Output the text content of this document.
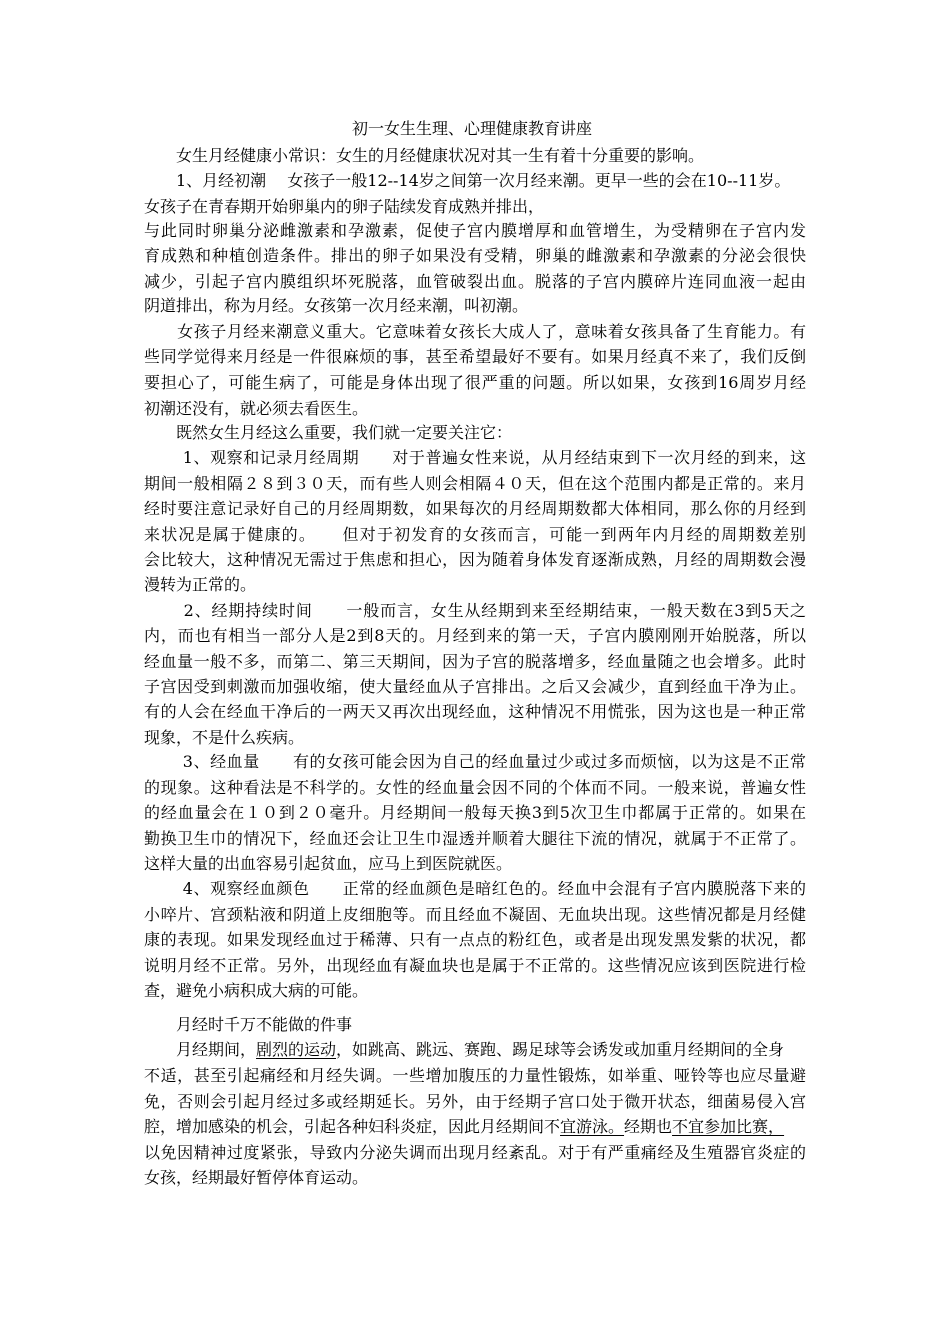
初一女生生理、心理健康教育讲座
　　女生月经健康小常识：女生的月经健康状况对其一生有着十分重要的影响。
　　1、月经初潮　 女孩子一般12--14岁之间第一次月经来潮。更早一些的会在10--11岁。
女孩子在青春期开始卵巢内的卵子陆续发育成熟并排出，
与此同时卵巢分泌雌激素和孕激素，促使子宫内膜增厚和血管增生，为受精卵在子宫内发
育成熟和种植创造条件。排出的卵子如果没有受精，卵巢的雌激素和孕激素的分泌会很快
减少，引起子宫内膜组织坏死脱落，血管破裂出血。脱落的子宫内膜碎片连同血液一起由
阴道排出，称为月经。女孩第一次月经来潮，叫初潮。
　　女孩子月经来潮意义重大。它意味着女孩长大成人了，意味着女孩具备了生育能力。有
些同学觉得来月经是一件很麻烦的事，甚至希望最好不要有。如果月经真不来了，我们反倒
要担心了，可能生病了，可能是身体出现了很严重的问题。所以如果，女孩到16周岁月经
初潮还没有，就必须去看医生。
　　既然女生月经这么重要，我们就一定要关注它：
　　 1、观察和记录月经周期　　对于普遍女性来说，从月经结束到下一次月经的到来，这
期间一般相隔２８到３０天，而有些人则会相隔４０天，但在这个范围内都是正常的。来月
经时要注意记录好自己的月经周期数，如果每次的月经周期数都大体相同，那么你的月经到
来状况是属于健康的。　　但对于初发育的女孩而言，可能一到两年内月经的周期数差别
会比较大，这种情况无需过于焦虑和担心，因为随着身体发育逐渐成熟，月经的周期数会漫
漫转为正常的。
　　 2、经期持续时间　　一般而言，女生从经期到来至经期结束，一般天数在3到5天之
内，而也有相当一部分人是2到8天的。月经到来的第一天，子宫内膜刚刚开始脱落，所以
经血量一般不多，而第二、第三天期间，因为子宫的脱落增多，经血量随之也会增多。此时
子宫因受到刺激而加强收缩，使大量经血从子宫排出。之后又会减少，直到经血干净为止。
有的人会在经血干净后的一两天又再次出现经血，这种情况不用慌张，因为这也是一种正常
现象，不是什么疾病。
　　 3、经血量　　有的女孩可能会因为自己的经血量过少或过多而烦恼，以为这是不正常
的现象。这种看法是不科学的。女性的经血量会因不同的个体而不同。一般来说，普遍女性
的经血量会在１０到２０毫升。月经期间一般每天换3到5次卫生巾都属于正常的。如果在
勤换卫生巾的情况下，经血还会让卫生巾湿透并顺着大腿往下流的情况，就属于不正常了。
这样大量的出血容易引起贫血，应马上到医院就医。
　　 4、观察经血颜色　　正常的经血颜色是暗红色的。经血中会混有子宫内膜脱落下来的
小啐片、宫颈粘液和阴道上皮细胞等。而且经血不凝固、无血块出现。这些情况都是月经健
康的表现。如果发现经血过于稀薄、只有一点点的粉红色，或者是出现发黑发紫的状况，都
说明月经不正常。另外，出现经血有凝血块也是属于不正常的。这些情况应该到医院进行检
查，避免小病积成大病的可能。
　　月经时千万不能做的件事
　　月经期间，剧烈的运动，如跳高、跳远、赛跑、踢足球等会诱发或加重月经期间的全身
不适，甚至引起痛经和月经失调。一些增加腹压的力量性锻炼，如举重、哑铃等也应尽量避
免，否则会引起月经过多或经期延长。另外，由于经期子宫口处于微开状态，细菌易侵入宫
腔，增加感染的机会，引起各种妇科炎症，因此月经期间不宜游泳。经期也不宜参加比赛，
以免因精神过度紧张，导致内分泌失调而出现月经紊乱。对于有严重痛经及生殖器官炎症的
女孩，经期最好暂停体育运动。
